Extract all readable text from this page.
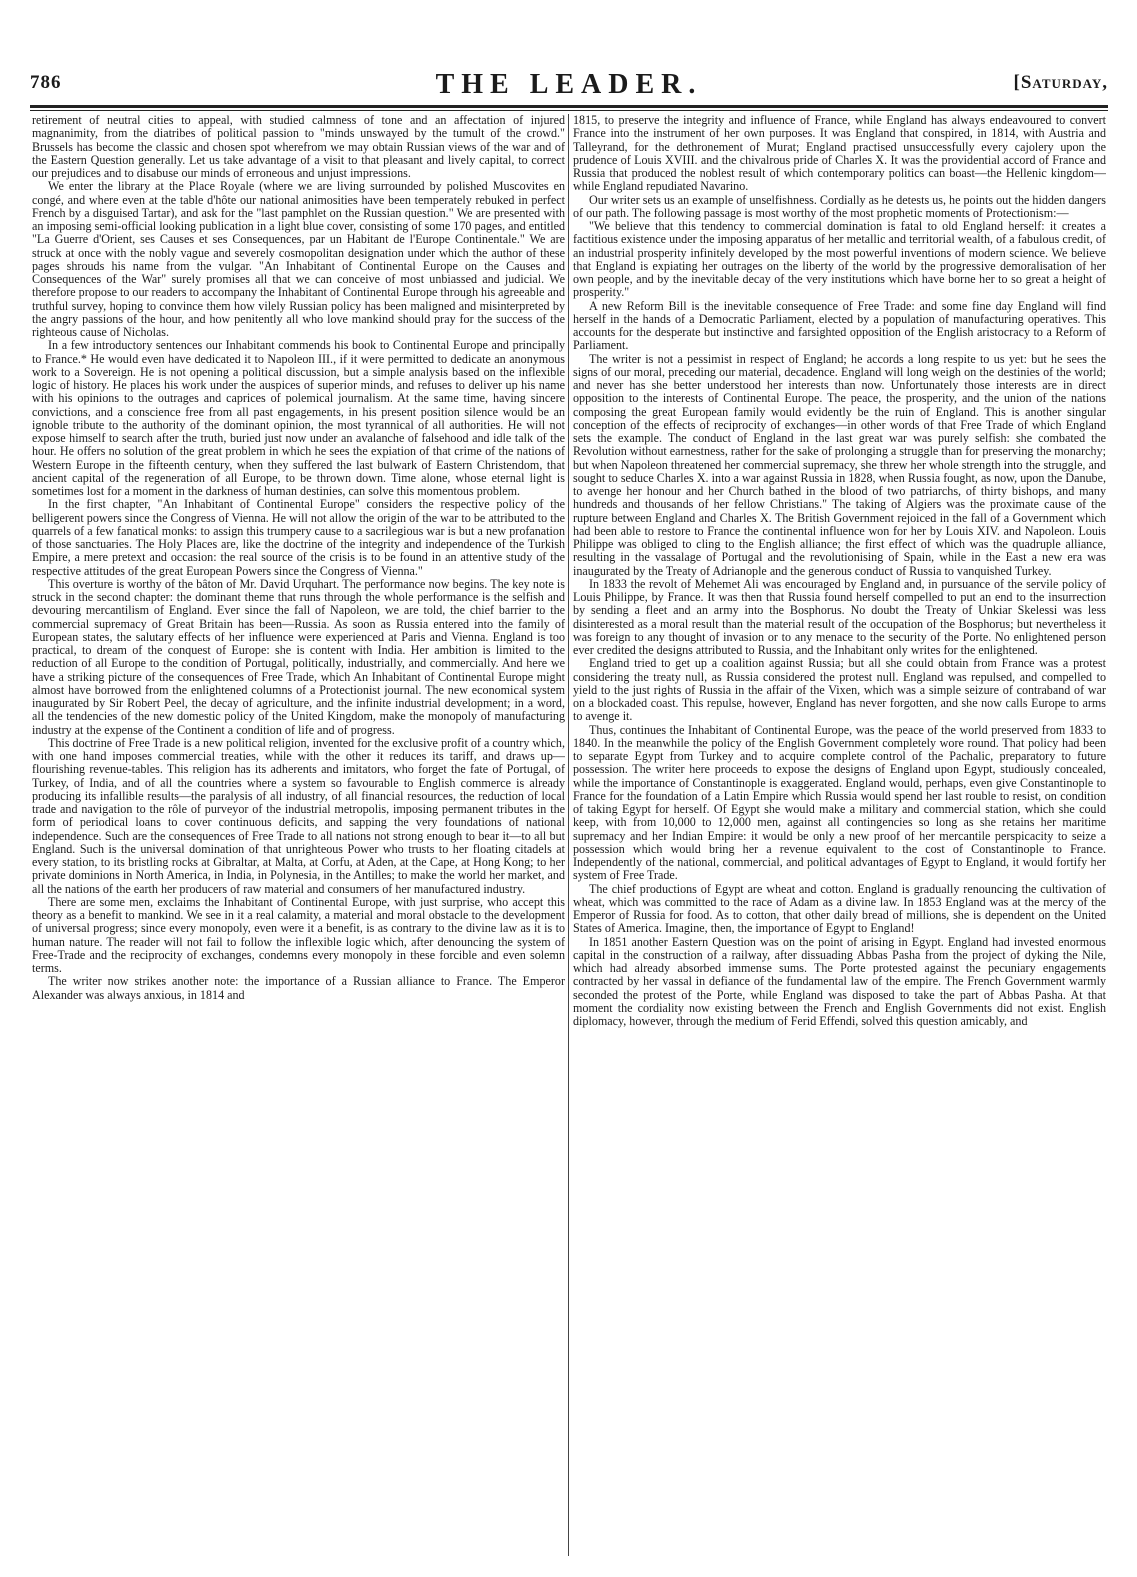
786	THE LEADER.	[Saturday,

retirement of neutral cities to appeal, with studied calmness of tone and an affectation of injured magnanimity, from the diatribes of political passion to "minds unswayed by the tumult of the crowd." Brussels has become the classic and chosen spot wherefrom we may obtain Russian views of the war and of the Eastern Question generally. Let us take advantage of a visit to that pleasant and lively capital, to correct our prejudices and to disabuse our minds of erroneous and unjust impressions.

We enter the library at the Place Royale (where we are living surrounded by polished Muscovites en congé, and where even at the table d'hôte our national animosities have been temperately rebuked in perfect French by a disguised Tartar), and ask for the "last pamphlet on the Russian question." We are presented with an imposing semi-official looking publication in a light blue cover, consisting of some 170 pages, and entitled "La Guerre d'Orient, ses Causes et ses Consequences, par un Habitant de l'Europe Continentale." We are struck at once with the nobly vague and severely cosmopolitan designation under which the author of these pages shrouds his name from the vulgar. "An Inhabitant of Continental Europe on the Causes and Consequences of the War" surely promises all that we can conceive of most unbiassed and judicial. We therefore propose to our readers to accompany the Inhabitant of Continental Europe through his agreeable and truthful survey, hoping to convince them how vilely Russian policy has been maligned and misinterpreted by the angry passions of the hour, and how penitently all who love mankind should pray for the success of the righteous cause of Nicholas.

In a few introductory sentences our Inhabitant commends his book to Continental Europe and principally to France.* He would even have dedicated it to Napoleon III., if it were permitted to dedicate an anonymous work to a Sovereign. He is not opening a political discussion, but a simple analysis based on the inflexible logic of history. He places his work under the auspices of superior minds, and refuses to deliver up his name with his opinions to the outrages and caprices of polemical journalism. At the same time, having sincere convictions, and a conscience free from all past engagements, in his present position silence would be an ignoble tribute to the authority of the dominant opinion, the most tyrannical of all authorities. He will not expose himself to search after the truth, buried just now under an avalanche of falsehood and idle talk of the hour. He offers no solution of the great problem in which he sees the expiation of that crime of the nations of Western Europe in the fifteenth century, when they suffered the last bulwark of Eastern Christendom, that ancient capital of the regeneration of all Europe, to be thrown down. Time alone, whose eternal light is sometimes lost for a moment in the darkness of human destinies, can solve this momentous problem.

In the first chapter, "An Inhabitant of Continental Europe" considers the respective policy of the belligerent powers since the Congress of Vienna. He will not allow the origin of the war to be attributed to the quarrels of a few fanatical monks: to assign this trumpery cause to a sacrilegious war is but a new profanation of those sanctuaries. The Holy Places are, like the doctrine of the integrity and independence of the Turkish Empire, a mere pretext and occasion: the real source of the crisis is to be found in an attentive study of the respective attitudes of the great European Powers since the Congress of Vienna."

This overture is worthy of the bâton of Mr. David Urquhart. The performance now begins. The key note is struck in the second chapter: the dominant theme that runs through the whole performance is the selfish and devouring mercantilism of England. Ever since the fall of Napoleon, we are told, the chief barrier to the commercial supremacy of Great Britain has been—Russia. As soon as Russia entered into the family of European states, the salutary effects of her influence were experienced at Paris and Vienna. England is too practical, to dream of the conquest of Europe: she is content with India. Her ambition is limited to the reduction of all Europe to the condition of Portugal, politically, industrially, and commercially. And here we have a striking picture of the consequences of Free Trade, which An Inhabitant of Continental Europe might almost have borrowed from the enlightened columns of a Protectionist journal. The new economical system inaugurated by Sir Robert Peel, the decay of agriculture, and the infinite industrial development; in a word, all the tendencies of the new domestic policy of the United Kingdom, make the monopoly of manufacturing industry at the expense of the Continent a condition of life and of progress.

This doctrine of Free Trade is a new political religion, invented for the exclusive profit of a country which, with one hand imposes commercial treaties, while with the other it reduces its tariff, and draws up—flourishing revenue-tables. This religion has its adherents and imitators, who forget the fate of Portugal, of Turkey, of India, and of all the countries where a system so favourable to English commerce is already producing its infallible results—the paralysis of all industry, of all financial resources, the reduction of local trade and navigation to the rôle of purveyor of the industrial metropolis, imposing permanent tributes in the form of periodical loans to cover continuous deficits, and sapping the very foundations of national independence. Such are the consequences of Free Trade to all nations not strong enough to bear it—to all but England. Such is the universal domination of that unrighteous Power who trusts to her floating citadels at every station, to its bristling rocks at Gibraltar, at Malta, at Corfu, at Aden, at the Cape, at Hong Kong; to her private dominions in North America, in India, in Polynesia, in the Antilles; to make the world her market, and all the nations of the earth her producers of raw material and consumers of her manufactured industry.

There are some men, exclaims the Inhabitant of Continental Europe, with just surprise, who accept this theory as a benefit to mankind. We see in it a real calamity, a material and moral obstacle to the development of universal progress; since every monopoly, even were it a benefit, is as contrary to the divine law as it is to human nature. The reader will not fail to follow the inflexible logic which, after denouncing the system of Free-Trade and the reciprocity of exchanges, condemns every monopoly in these forcible and even solemn terms.

The writer now strikes another note: the importance of a Russian alliance to France. The Emperor Alexander was always anxious, in 1814 and

1815, to preserve the integrity and influence of France, while England has always endeavoured to convert France into the instrument of her own purposes. It was England that conspired, in 1814, with Austria and Talleyrand, for the dethronement of Murat; England practised unsuccessfully every cajolery upon the prudence of Louis XVIII. and the chivalrous pride of Charles X. It was the providential accord of France and Russia that produced the noblest result of which contemporary politics can boast—the Hellenic kingdom—while England repudiated Navarino.

Our writer sets us an example of unselfishness. Cordially as he detests us, he points out the hidden dangers of our path. The following passage is most worthy of the most prophetic moments of Protectionism:—

"We believe that this tendency to commercial domination is fatal to old England herself: it creates a factitious existence under the imposing apparatus of her metallic and territorial wealth, of a fabulous credit, of an industrial prosperity infinitely developed by the most powerful inventions of modern science. We believe that England is expiating her outrages on the liberty of the world by the progressive demoralisation of her own people, and by the inevitable decay of the very institutions which have borne her to so great a height of prosperity."

A new Reform Bill is the inevitable consequence of Free Trade: and some fine day England will find herself in the hands of a Democratic Parliament, elected by a population of manufacturing operatives. This accounts for the desperate but instinctive and farsighted opposition of the English aristocracy to a Reform of Parliament.

The writer is not a pessimist in respect of England; he accords a long respite to us yet: but he sees the signs of our moral, preceding our material, decadence. England will long weigh on the destinies of the world; and never has she better understood her interests than now. Unfortunately those interests are in direct opposition to the interests of Continental Europe. The peace, the prosperity, and the union of the nations composing the great European family would evidently be the ruin of England. This is another singular conception of the effects of reciprocity of exchanges—in other words of that Free Trade of which England sets the example. The conduct of England in the last great war was purely selfish: she combated the Revolution without earnestness, rather for the sake of prolonging a struggle than for preserving the monarchy; but when Napoleon threatened her commercial supremacy, she threw her whole strength into the struggle, and sought to seduce Charles X. into a war against Russia in 1828, when Russia fought, as now, upon the Danube, to avenge her honour and her Church bathed in the blood of two patriarchs, of thirty bishops, and many hundreds and thousands of her fellow Christians." The taking of Algiers was the proximate cause of the rupture between England and Charles X. The British Government rejoiced in the fall of a Government which had been able to restore to France the continental influence won for her by Louis XIV. and Napoleon. Louis Philippe was obliged to cling to the English alliance; the first effect of which was the quadruple alliance, resulting in the vassalage of Portugal and the revolutionising of Spain, while in the East a new era was inaugurated by the Treaty of Adrianople and the generous conduct of Russia to vanquished Turkey.

In 1833 the revolt of Mehemet Ali was encouraged by England and, in pursuance of the servile policy of Louis Philippe, by France. It was then that Russia found herself compelled to put an end to the insurrection by sending a fleet and an army into the Bosphorus. No doubt the Treaty of Unkiar Skelessi was less disinterested as a moral result than the material result of the occupation of the Bosphorus; but nevertheless it was foreign to any thought of invasion or to any menace to the security of the Porte. No enlightened person ever credited the designs attributed to Russia, and the Inhabitant only writes for the enlightened.

England tried to get up a coalition against Russia; but all she could obtain from France was a protest considering the treaty null, as Russia considered the protest null. England was repulsed, and compelled to yield to the just rights of Russia in the affair of the Vixen, which was a simple seizure of contraband of war on a blockaded coast. This repulse, however, England has never forgotten, and she now calls Europe to arms to avenge it.

Thus, continues the Inhabitant of Continental Europe, was the peace of the world preserved from 1833 to 1840. In the meanwhile the policy of the English Government completely wore round. That policy had been to separate Egypt from Turkey and to acquire complete control of the Pachalic, preparatory to future possession. The writer here proceeds to expose the designs of England upon Egypt, studiously concealed, while the importance of Constantinople is exaggerated. England would, perhaps, even give Constantinople to France for the foundation of a Latin Empire which Russia would spend her last rouble to resist, on condition of taking Egypt for herself. Of Egypt she would make a military and commercial station, which she could keep, with from 10,000 to 12,000 men, against all contingencies so long as she retains her maritime supremacy and her Indian Empire: it would be only a new proof of her mercantile perspicacity to seize a possession which would bring her a revenue equivalent to the cost of Constantinople to France. Independently of the national, commercial, and political advantages of Egypt to England, it would fortify her system of Free Trade.

The chief productions of Egypt are wheat and cotton. England is gradually renouncing the cultivation of wheat, which was committed to the race of Adam as a divine law. In 1853 England was at the mercy of the Emperor of Russia for food. As to cotton, that other daily bread of millions, she is dependent on the United States of America. Imagine, then, the importance of Egypt to England!

In 1851 another Eastern Question was on the point of arising in Egypt. England had invested enormous capital in the construction of a railway, after dissuading Abbas Pasha from the project of dyking the Nile, which had already absorbed immense sums. The Porte protested against the pecuniary engagements contracted by her vassal in defiance of the fundamental law of the empire. The French Government warmly seconded the protest of the Porte, while England was disposed to take the part of Abbas Pasha. At that moment the cordiality now existing between the French and English Governments did not exist. English diplomacy, however, through the medium of Ferid Effendi, solved this question amicably, and
